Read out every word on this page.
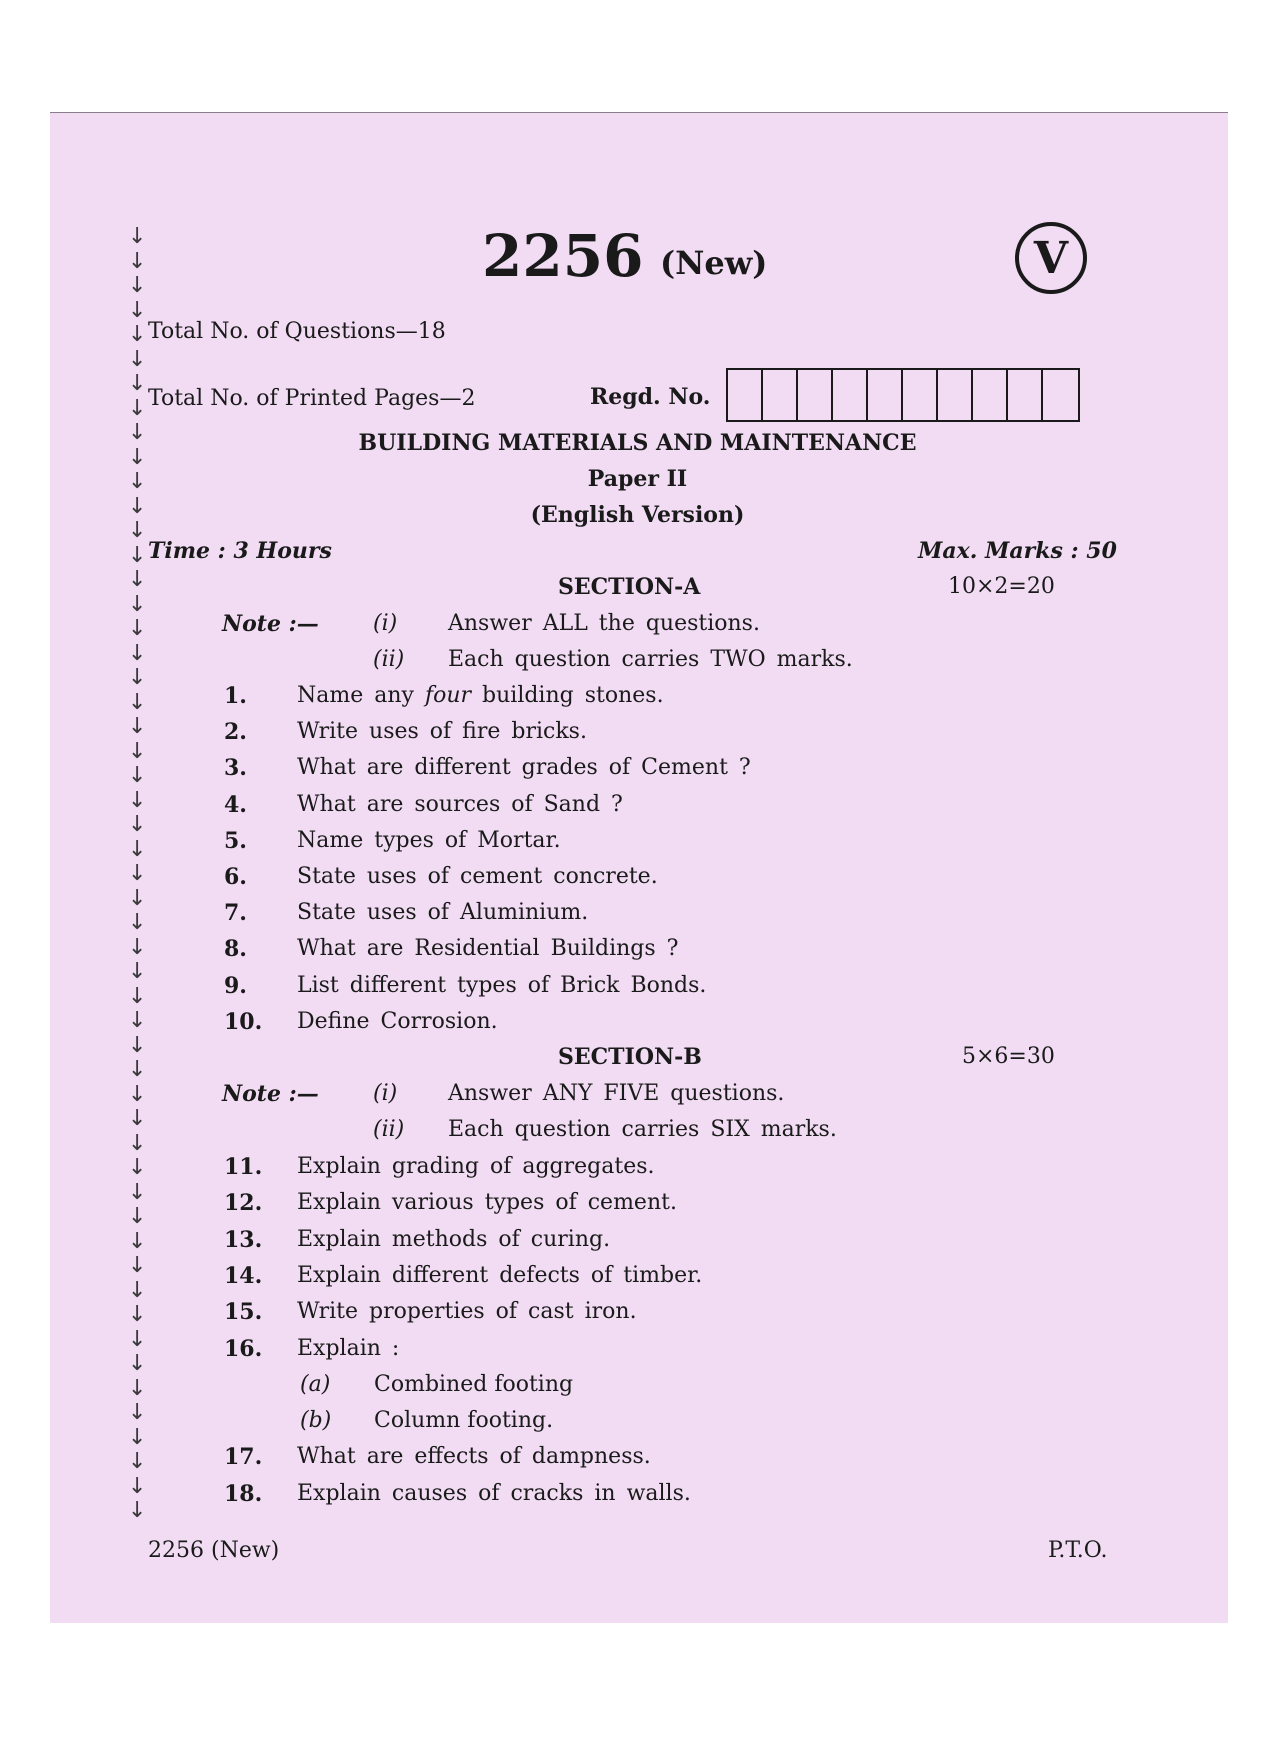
↓
↓
↓
↓
↓
↓
↓
↓
↓
↓
↓
↓
↓
↓
↓
↓
↓
↓
↓
↓
↓
↓
↓
↓
↓
↓
↓
↓
↓
↓
↓
↓
↓
↓
↓
↓
↓
↓
↓
↓
↓
↓
↓
↓
↓
↓
↓
↓
↓
↓
↓
↓
↓

2256 (New)	V
Total No. of Questions—18
Total No. of Printed Pages—2	Regd. No.
BUILDING MATERIALS AND MAINTENANCE
Paper II
(English Version)
Time : 3 Hours	Max. Marks : 50
SECTION-A	10×2=20
Note :— (i) Answer ALL the questions.
(ii) Each question carries TWO marks.
1. Name any four building stones.
2. Write uses of fire bricks.
3. What are different grades of Cement ?
4. What are sources of Sand ?
5. Name types of Mortar.
6. State uses of cement concrete.
7. State uses of Aluminium.
8. What are Residential Buildings ?
9. List different types of Brick Bonds.
10. Define Corrosion.
SECTION-B	5×6=30
Note :— (i) Answer ANY FIVE questions.
(ii) Each question carries SIX marks.
11. Explain grading of aggregates.
12. Explain various types of cement.
13. Explain methods of curing.
14. Explain different defects of timber.
15. Write properties of cast iron.
16. Explain :
17. What are effects of dampness.
18. Explain causes of cracks in walls.
(a) Combined footing
(b) Column footing.
2256 (New)	P.T.O.
